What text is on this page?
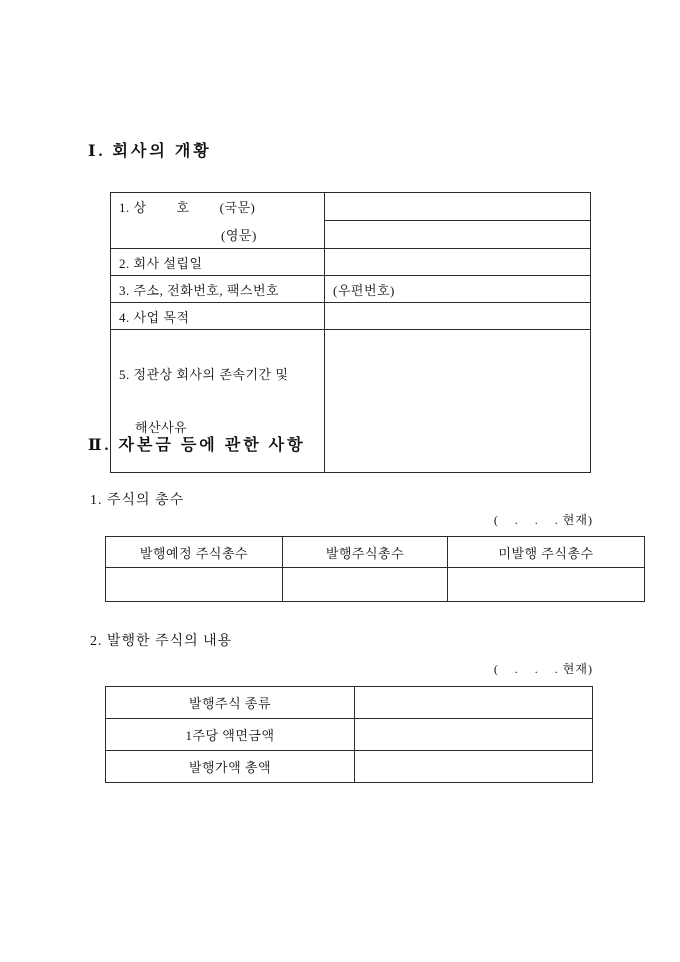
Ⅰ. 회사의 개황
1. 상        호        (국문)	
(영문)	
2. 회사 설립일	
3. 주소, 전화번호, 팩스번호	(우편번호)
4. 사업 목적	

5. 정관상 회사의 존속기간 및

해산사유	

Ⅱ. 자본금 등에 관한 사항
1. 주식의 총수
(    .    .    . 현재)
발행예정 주식총수	발행주식총수	미발행 주식총수

2. 발행한 주식의 내용
(    .    .    . 현재)
발행주식 종류	
1주당 액면금액	
발행가액 총액	
